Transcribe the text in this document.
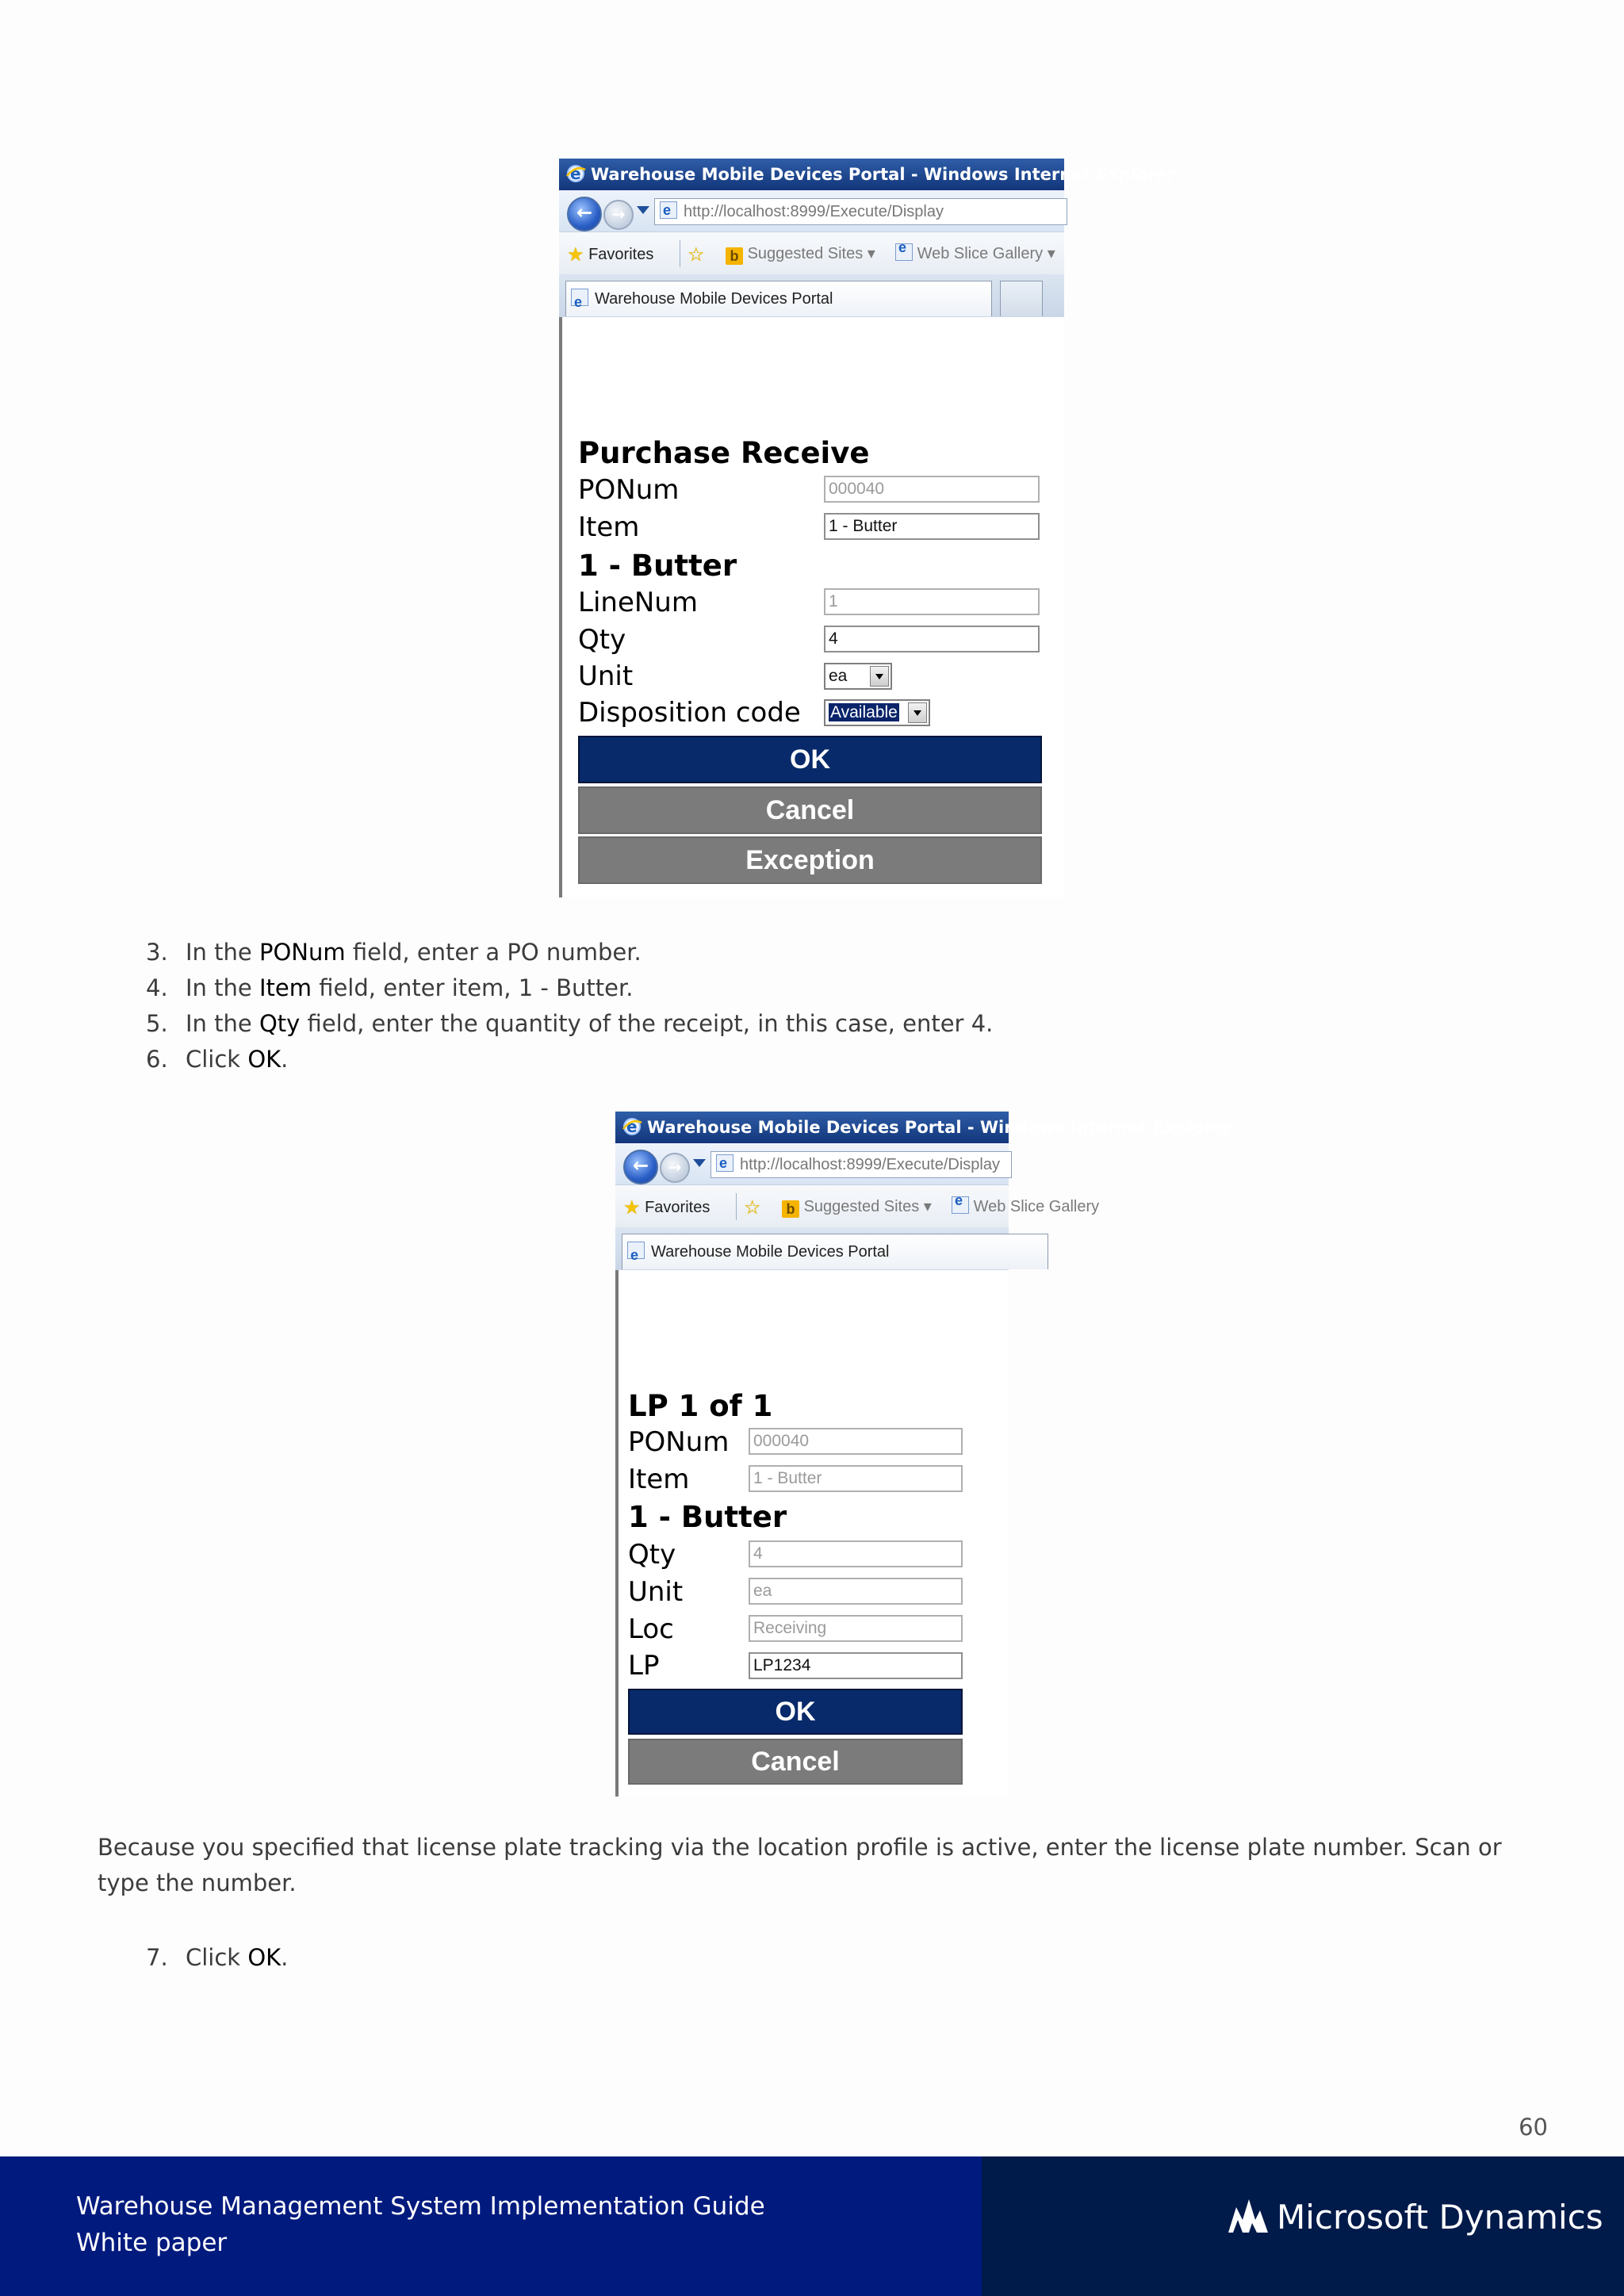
e Warehouse Mobile Devices Portal - Windows Internet Explorer
←	→ e	http://localhost:8999/Execute/Display
★ Favorites ☆	b Suggested Sites ▾ e	Web Slice Gallery ▾
eWarehouse Mobile Devices Portal
Purchase Receive
PONum	000040
Item	1 - Butter
1 - Butter
LineNum	1
Qty	4
Unit	ea
Disposition code	Available
OK
Cancel
Exception
3. In the PONum field, enter a PO number.
4. In the Item field, enter item, 1 - Butter.
5. In the Qty field, enter the quantity of the receipt, in this case, enter 4.
6. Click OK.
e Warehouse Mobile Devices Portal - Windows Internet Explorer
←	→ e	http://localhost:8999/Execute/Display
★ Favorites ☆	b Suggested Sites ▾ e	Web Slice Gallery
eWarehouse Mobile Devices Portal
LP 1 of 1
PONum 000040
Item	1 - Butter
1 - Butter
Qty	4
Unit	ea
Loc	Receiving
LP	LP1234
OK
Cancel
Because you specified that license plate tracking via the location profile is active, enter the license plate number. Scan or type the number.
7. Click OK.
60
Warehouse Management System Implementation Guide
White paper
Microsoft Dynamics
